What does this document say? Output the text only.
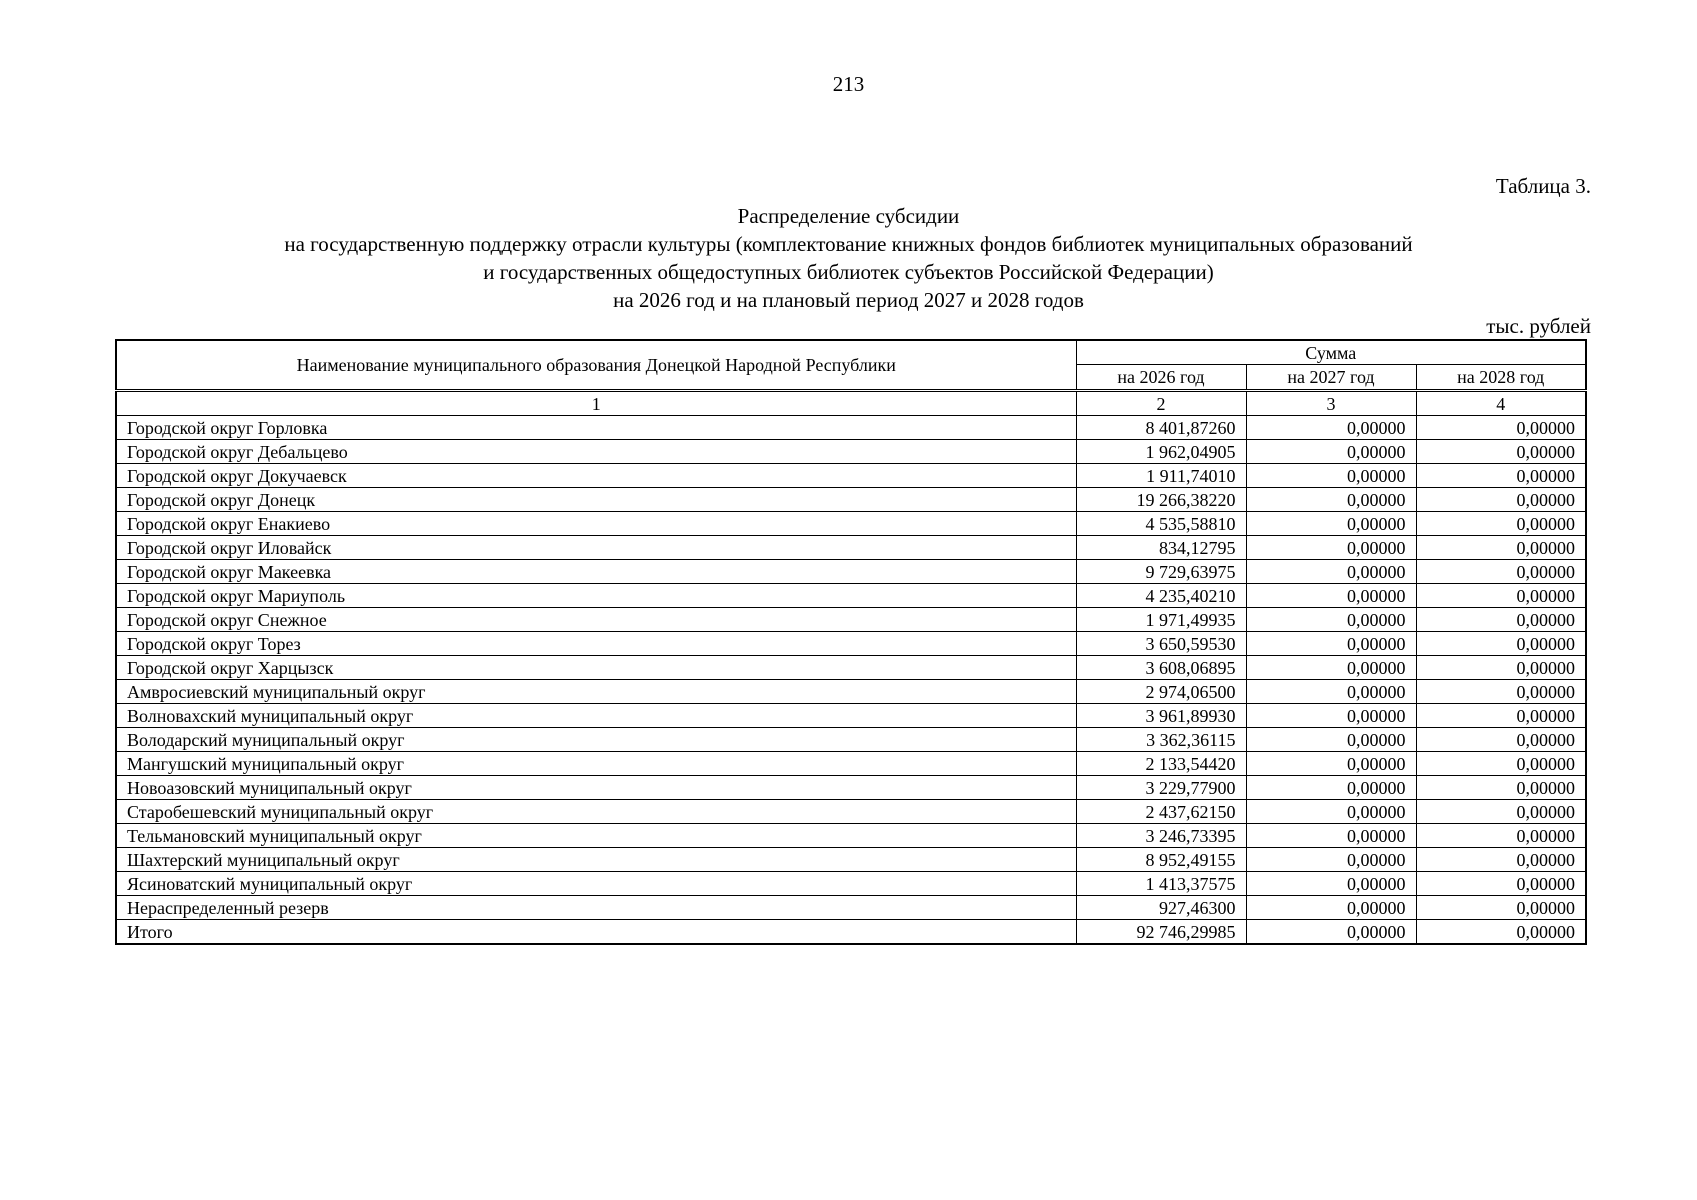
213
Таблица 3.
Распределение субсидии
на государственную поддержку отрасли культуры (комплектование книжных фондов библиотек муниципальных образований
и государственных общедоступных библиотек субъектов Российской Федерации)
на 2026 год и на плановый период 2027 и 2028 годов
тыс. рублей
Наименование муниципального образования Донецкой Народной Республики	Сумма		
	на 2026 год	на 2027 год	на 2028 год
1	2	3	4
Городской округ Горловка	8 401,87260	0,00000	0,00000
Городской округ Дебальцево	1 962,04905	0,00000	0,00000
Городской округ Докучаевск	1 911,74010	0,00000	0,00000
Городской округ Донецк	19 266,38220	0,00000	0,00000
Городской округ Енакиево	4 535,58810	0,00000	0,00000
Городской округ Иловайск	834,12795	0,00000	0,00000
Городской округ Макеевка	9 729,63975	0,00000	0,00000
Городской округ Мариуполь	4 235,40210	0,00000	0,00000
Городской округ Снежное	1 971,49935	0,00000	0,00000
Городской округ Торез	3 650,59530	0,00000	0,00000
Городской округ Харцызск	3 608,06895	0,00000	0,00000
Амвросиевский муниципальный округ	2 974,06500	0,00000	0,00000
Волновахский муниципальный округ	3 961,89930	0,00000	0,00000
Володарский муниципальный округ	3 362,36115	0,00000	0,00000
Мангушский муниципальный округ	2 133,54420	0,00000	0,00000
Новоазовский муниципальный округ	3 229,77900	0,00000	0,00000
Старобешевский муниципальный округ	2 437,62150	0,00000	0,00000
Тельмановский муниципальный округ	3 246,73395	0,00000	0,00000
Шахтерский муниципальный округ	8 952,49155	0,00000	0,00000
Ясиноватский муниципальный округ	1 413,37575	0,00000	0,00000
Нераспределенный резерв	927,46300	0,00000	0,00000
Итого	92 746,29985	0,00000	0,00000
